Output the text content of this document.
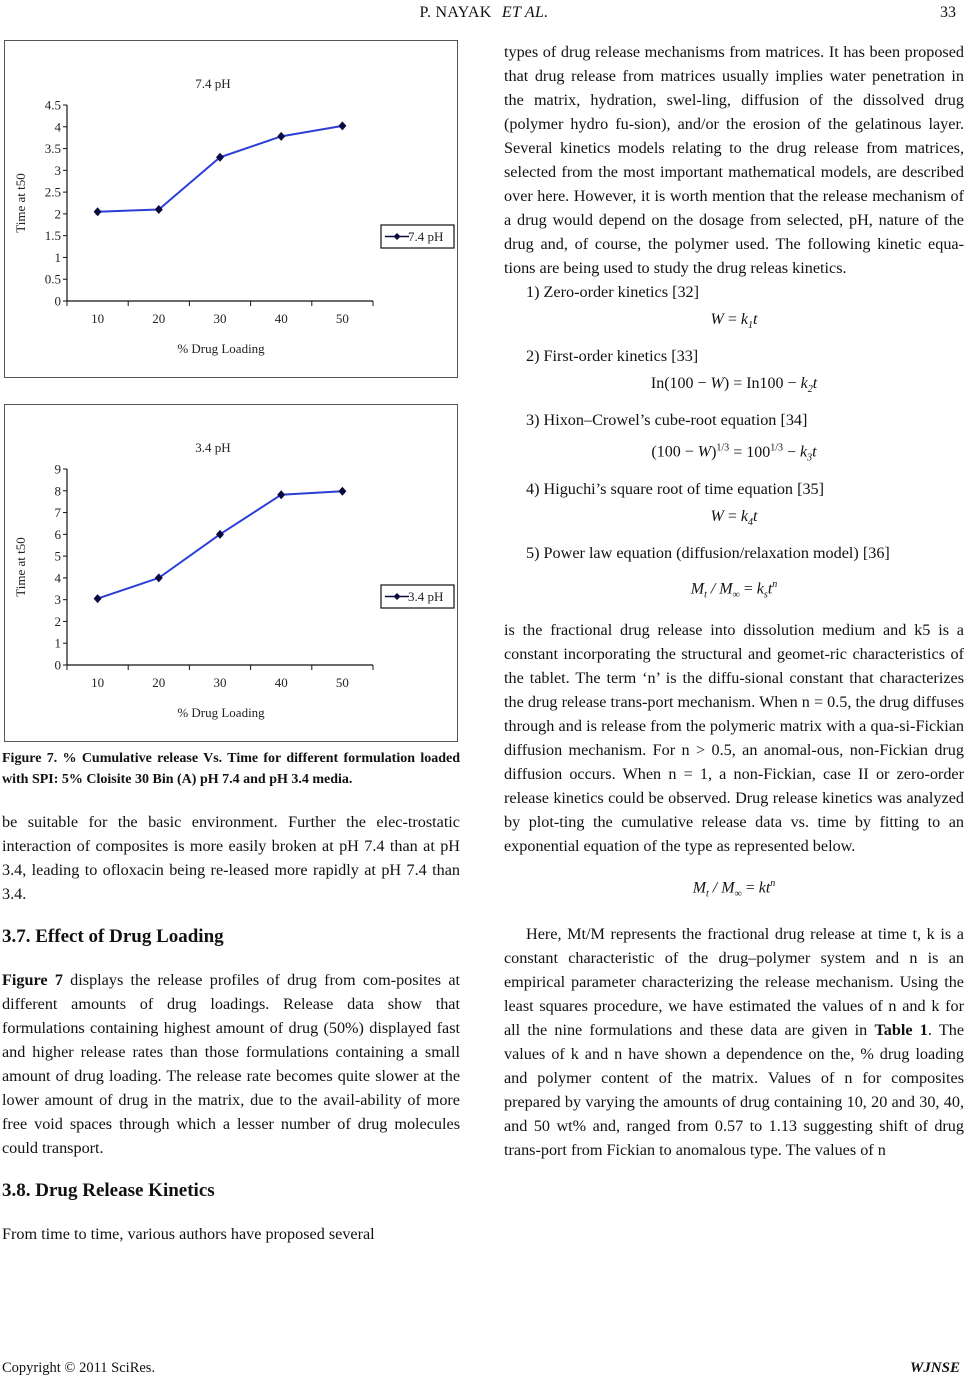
P. NAYAK ET AL.	33
7.4 pH
0
0.5
1
1.5
2
2.5
3
3.5
4
4.5
10	20	30	40	50
% Drug Loading
Time at t50
7.4 pH
3.4 pH
0
1
2
3
4
5
6
7
8
9
10	20	30	40	50
% Drug Loading
Time at t50	3.4 pH
Figure 7. % Cumulative release Vs. Time for different formulation loaded with SPI: 5% Cloisite 30 Bin (A) pH 7.4 and pH 3.4 media.

be suitable for the basic environment. Further the elec-trostatic interaction of composites is more easily broken at pH 7.4 than at pH 3.4, leading to ofloxacin being re-leased more rapidly at pH 7.4 than 3.4.

3.7. Effect of Drug Loading

Figure 7 displays the release profiles of drug from com-posites at different amounts of drug loadings. Release data show that formulations containing highest amount of drug (50%) displayed fast and higher release rates than those formulations containing a small amount of drug loading. The release rate becomes quite slower at the lower amount of drug in the matrix, due to the avail-ability of more free void spaces through which a lesser number of drug molecules could transport.

3.8. Drug Release Kinetics

From time to time, various authors have proposed several

types of drug release mechanisms from matrices. It has been proposed that drug release from matrices usually implies water penetration in the matrix, hydration, swel-ling, diffusion of the dissolved drug (polymer hydro fu-sion), and/or the erosion of the gelatinous layer. Several kinetics models relating to the drug release from matrices, selected from the most important mathematical models, are described over here. However, it is worth mention that the release mechanism of a drug would depend on the dosage from selected, pH, nature of the drug and, of course, the polymer used. The following kinetic equa-tions are being used to study the drug releas kinetics.

1) Zero-order kinetics [32]
$W = k_1t$
2) First-order kinetics [33]
$In(100 - W) = In100 - k_2t$
3) Hixon–Crowel’s cube-root equation [34]
$(100 - W)^{1/3} = 100^{1/3} - k_3t$
4) Higuchi’s square root of time equation [35]
$W = k_4t$
5) Power law equation (diffusion/relaxation model) [36]
$M_t / M_\infty = k_st^n$

is the fractional drug release into dissolution medium and k5 is a constant incorporating the structural and geomet-ric characteristics of the tablet. The term ‘n’ is the diffu-sional constant that characterizes the drug release trans-port mechanism. When n = 0.5, the drug diffuses through and is release from the polymeric matrix with a qua-si-Fickian diffusion mechanism. For n > 0.5, an anomal-ous, non-Fickian drug diffusion occurs. When n = 1, a non-Fickian, case II or zero-order release kinetics could be observed. Drug release kinetics was analyzed by plot-ting the cumulative release data vs. time by fitting to an exponential equation of the type as represented below.

$M_t / M_\infty = kt^n$

Here, Mt/M represents the fractional drug release at time t, k is a constant characteristic of the drug–polymer system and n is an empirical parameter characterizing the release mechanism. Using the least squares procedure, we have estimated the values of n and k for all the nine formulations and these data are given in Table 1. The values of k and n have shown a dependence on the, % drug loading and polymer content of the matrix. Values of n for composites prepared by varying the amounts of drug containing 10, 20 and 30, 40, and 50 wt% and, ranged from 0.57 to 1.13 suggesting shift of drug trans-port from Fickian to anomalous type. The values of n

Copyright © 2011 SciRes.	WJNSE
